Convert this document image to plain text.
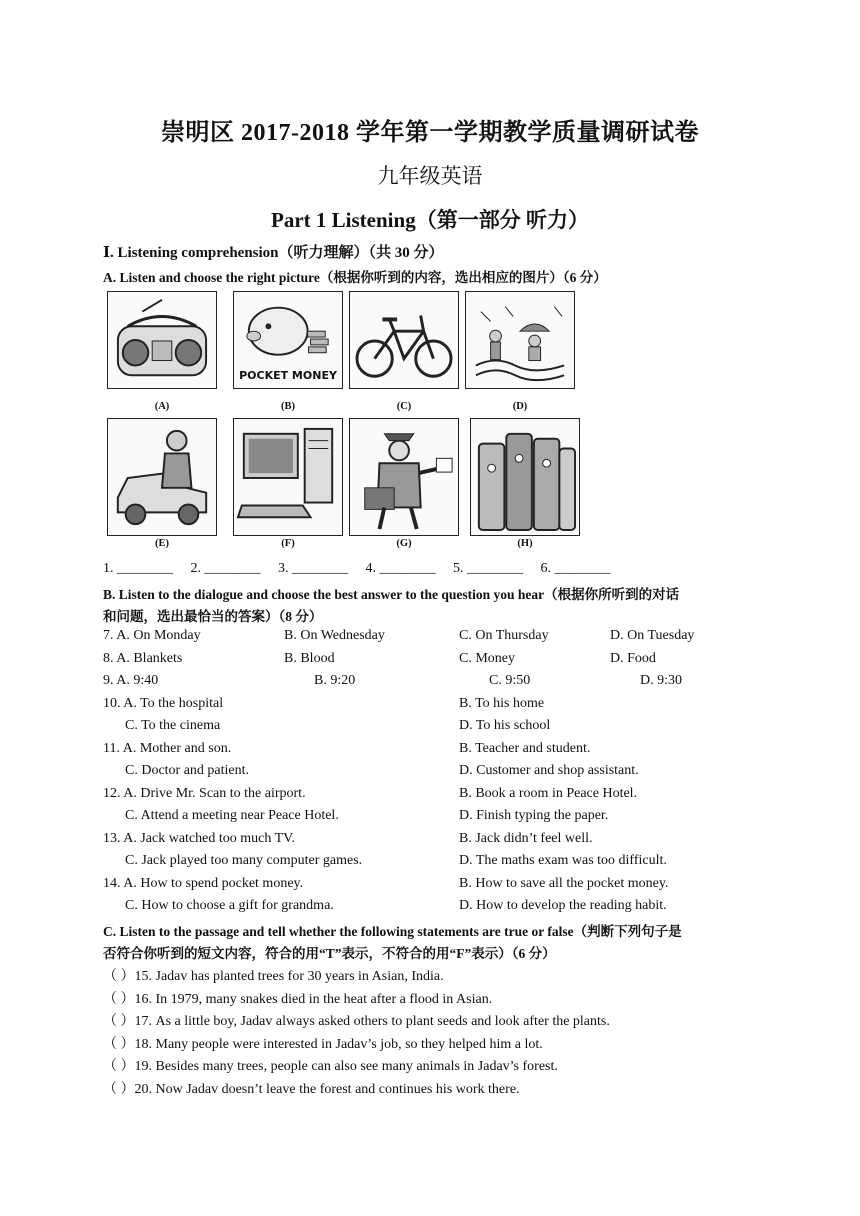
崇明区 2017-2018 学年第一学期教学质量调研试卷
九年级英语
Part 1 Listening（第一部分 听力）
Ⅰ. Listening comprehension（听力理解）（共 30 分）
A. Listen and choose the right picture（根据你听到的内容，选出相应的图片）（6 分）
POCKET MONEY
(A)	(B)	(C)	(D)
(E)	(F)	(G)	(H)
1. ________ 2. ________ 3. ________ 4. ________ 5. ________ 6. ________
B. Listen to the dialogue and choose the best answer to the question you hear（根据你所听到的对话
和问题，选出最恰当的答案）（8 分）
7. A. On Monday	B. On Wednesday	C. On Thursday	D. On Tuesday
8. A. Blankets	B. Blood	C. Money	D. Food
9. A. 9:40	B. 9:20	C. 9:50	D. 9:30
10. A. To the hospital	B. To his home
C. To the cinema	D. To his school
11. A. Mother and son.	B. Teacher and student.
C. Doctor and patient.	D. Customer and shop assistant.
12. A. Drive Mr. Scan to the airport.	B. Book a room in Peace Hotel.
C. Attend a meeting near Peace Hotel.	D. Finish typing the paper.
13. A. Jack watched too much TV.	B. Jack didn’t feel well.
C. Jack played too many computer games.	D. The maths exam was too difficult.
14. A. How to spend pocket money.	B. How to save all the pocket money.
C. How to choose a gift for grandma.	D. How to develop the reading habit.
C. Listen to the passage and tell whether the following statements are true or false（判断下列句子是
否符合你听到的短文内容，符合的用“T”表示，不符合的用“F”表示）（6 分）
（ ）15. Jadav has planted trees for 30 years in Asian, India.
（ ）16. In 1979, many snakes died in the heat after a flood in Asian.
（ ）17. As a little boy, Jadav always asked others to plant seeds and look after the plants.
（ ）18. Many people were interested in Jadav’s job, so they helped him a lot.
（ ）19. Besides many trees, people can also see many animals in Jadav’s forest.
（ ）20. Now Jadav doesn’t leave the forest and continues his work there.
